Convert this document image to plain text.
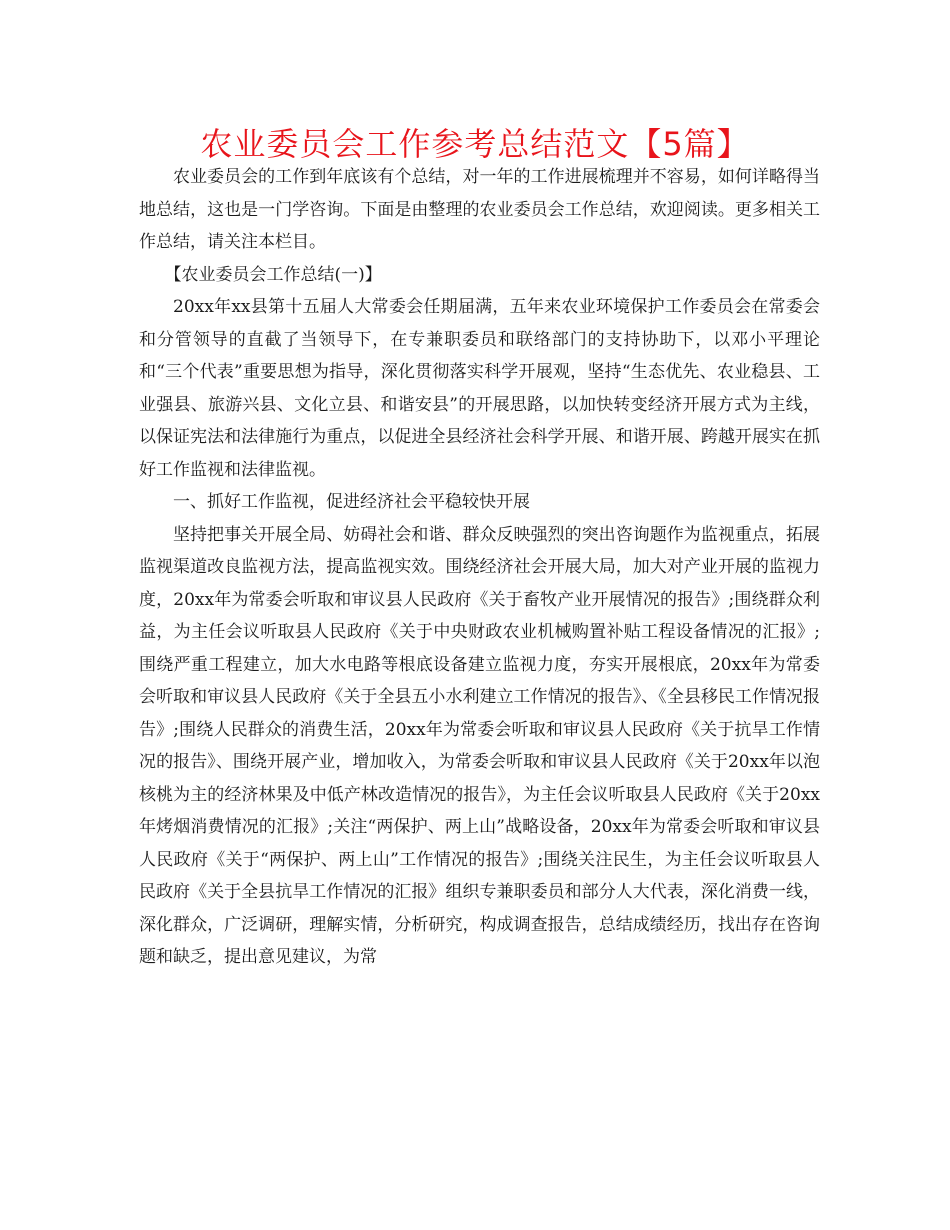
农业委员会工作参考总结范文【5篇】

农业委员会的工作到年底该有个总结，对一年的工作进展梳理并不容易，如何详略得当地总结，这也是一门学咨询。下面是由整理的农业委员会工作总结，欢迎阅读。更多相关工作总结，请关注本栏目。

【农业委员会工作总结(一)】

20xx年xx县第十五届人大常委会任期届满，五年来农业环境保护工作委员会在常委会和分管领导的直截了当领导下，在专兼职委员和联络部门的支持协助下，以邓小平理论和“三个代表”重要思想为指导，深化贯彻落实科学开展观，坚持“生态优先、农业稳县、工业强县、旅游兴县、文化立县、和谐安县”的开展思路，以加快转变经济开展方式为主线，以保证宪法和法律施行为重点，以促进全县经济社会科学开展、和谐开展、跨越开展实在抓好工作监视和法律监视。

一、抓好工作监视，促进经济社会平稳较快开展

坚持把事关开展全局、妨碍社会和谐、群众反映强烈的突出咨询题作为监视重点，拓展监视渠道改良监视方法，提高监视实效。围绕经济社会开展大局，加大对产业开展的监视力度，20xx年为常委会听取和审议县人民政府《关于畜牧产业开展情况的报告》;围绕群众利益，为主任会议听取县人民政府《关于中央财政农业机械购置补贴工程设备情况的汇报》;围绕严重工程建立，加大水电路等根底设备建立监视力度，夯实开展根底，20xx年为常委会听取和审议县人民政府《关于全县五小水利建立工作情况的报告》、《全县移民工作情况报告》;围绕人民群众的消费生活，20xx年为常委会听取和审议县人民政府《关于抗旱工作情况的报告》、围绕开展产业，增加收入，为常委会听取和审议县人民政府《关于20xx年以泡核桃为主的经济林果及中低产林改造情况的报告》，为主任会议听取县人民政府《关于20xx年烤烟消费情况的汇报》;关注“两保护、两上山”战略设备，20xx年为常委会听取和审议县人民政府《关于“两保护、两上山”工作情况的报告》;围绕关注民生，为主任会议听取县人民政府《关于全县抗旱工作情况的汇报》组织专兼职委员和部分人大代表，深化消费一线，深化群众，广泛调研，理解实情，分析研究，构成调查报告，总结成绩经历，找出存在咨询题和缺乏，提出意见建议，为常
